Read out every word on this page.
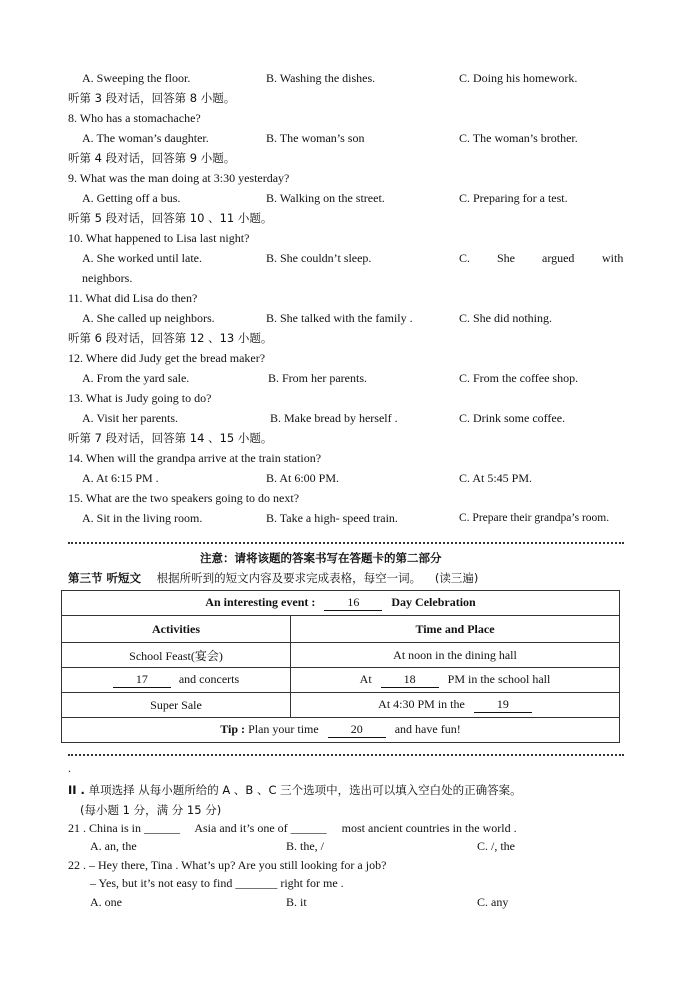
A. Sweeping the floor.	B. Washing the dishes.	C. Doing his homework.
听第 3 段对话，回答第 8 小题。
8. Who has a stomachache?
A. The woman’s daughter.	B. The woman’s son	C. The woman’s brother.
听第 4 段对话，回答第 9 小题。
9. What was the man doing at 3:30 yesterday?
A. Getting off a bus.	B. Walking on the street.	C. Preparing for a test.
听第 5 段对话，回答第 10 、11 小题。
10. What happened to Lisa last night?
A. She worked until late.	B. She couldn’t sleep.	C. She argued with
neighbors.
11. What did Lisa do then?
A. She called up neighbors.	B. She talked with the family .	C. She did nothing.
听第 6 段对话，回答第 12 、13 小题。
12. Where did Judy get the bread maker?
A. From the yard sale.	B. From her parents.	C. From the coffee shop.
13. What is Judy going to do?
A. Visit her parents.	B. Make bread by herself .	C. Drink some coffee.
听第 7 段对话，回答第 14 、15 小题。
14. When will the grandpa arrive at the train station?
A. At 6:15 PM .	B. At 6:00 PM.	C. At 5:45 PM.
15. What are the two speakers going to do next?
A. Sit in the living room.	B. Take a high- speed train.	C. Prepare their grandpa’s room.
注意：请将该题的答案书写在答题卡的第二部分
第三节 听短文 根据所听到的短文内容及要求完成表格，每空一词。 (读三遍)
An interesting event : 16 Day Celebration	
Activities	Time and Place
School Feast(宴会)	At noon in the dining hall
17 and concerts	At 18 PM in the school hall
Super Sale	At 4:30 PM in the 19
Tip : Plan your time 20 and have fun!	
.
II . 单项选择 从每小题所给的 A 、B 、C 三个选项中，选出可以填入空白处的正确答案。
(每小题 1 分，满 分 15 分)
21 . China is in ______     Asia and it’s one of ______     most ancient countries in the world .
A. an, the	B. the, /	C. /, the
22 . – Hey there, Tina . What’s up? Are you still looking for a job?
– Yes, but it’s not easy to find _______ right for me .
A. one	B. it	C. any
